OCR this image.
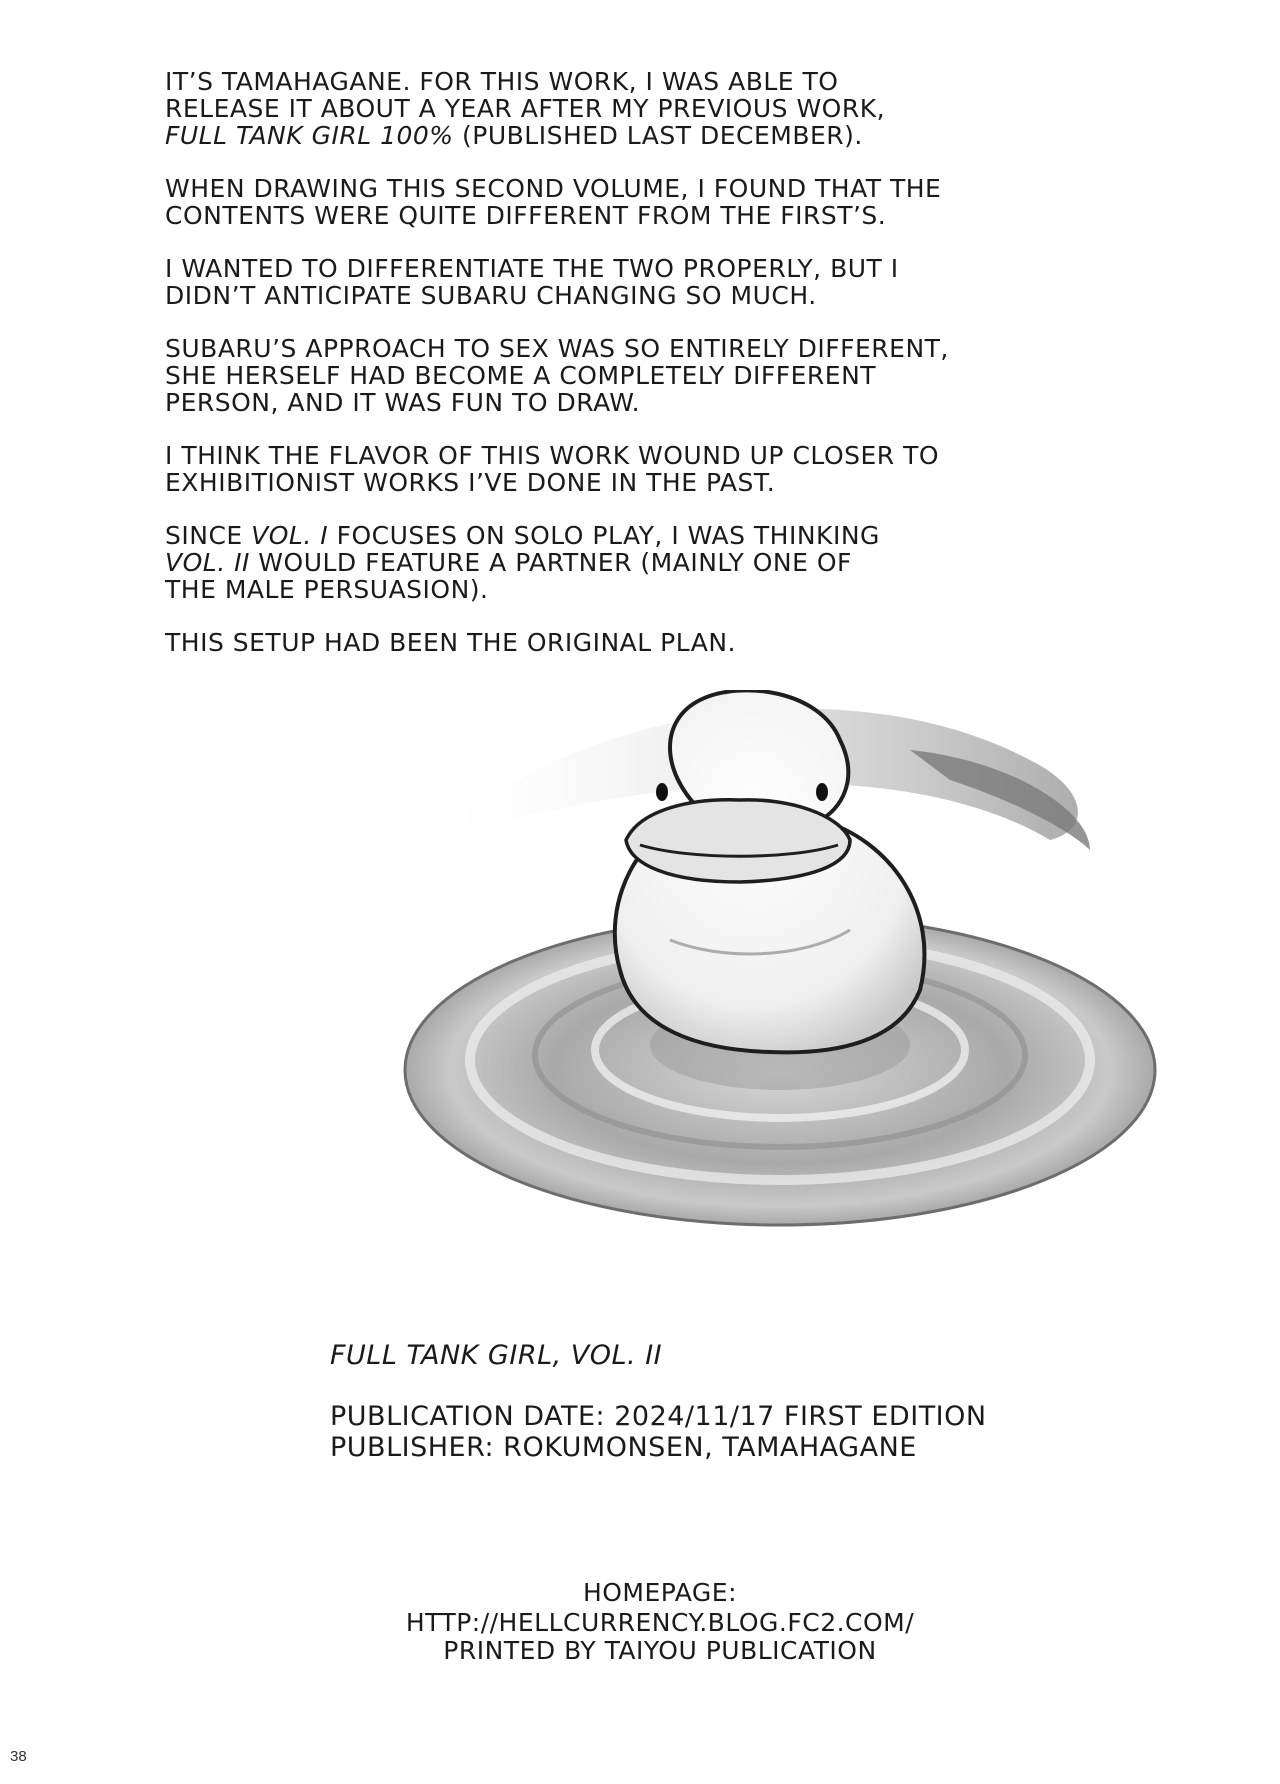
IT’S TAMAHAGANE. FOR THIS WORK, I WAS ABLE TO
RELEASE IT ABOUT A YEAR AFTER MY PREVIOUS WORK,
FULL TANK GIRL 100% (PUBLISHED LAST DECEMBER).
WHEN DRAWING THIS SECOND VOLUME, I FOUND THAT THE
CONTENTS WERE QUITE DIFFERENT FROM THE FIRST’S.
I WANTED TO DIFFERENTIATE THE TWO PROPERLY, BUT I
DIDN’T ANTICIPATE SUBARU CHANGING SO MUCH.
SUBARU’S APPROACH TO SEX WAS SO ENTIRELY DIFFERENT,
SHE HERSELF HAD BECOME A COMPLETELY DIFFERENT
PERSON, AND IT WAS FUN TO DRAW.
I THINK THE FLAVOR OF THIS WORK WOUND UP CLOSER TO
EXHIBITIONIST WORKS I’VE DONE IN THE PAST.
SINCE VOL. I FOCUSES ON SOLO PLAY, I WAS THINKING
VOL. II WOULD FEATURE A PARTNER (MAINLY ONE OF
THE MALE PERSUASION).
THIS SETUP HAD BEEN THE ORIGINAL PLAN.
FULL TANK GIRL, VOL. II
PUBLICATION DATE: 2024/11/17 FIRST EDITION
PUBLISHER: ROKUMONSEN, TAMAHAGANE
HOMEPAGE: HTTP://HELLCURRENCY.BLOG.FC2.COM/
PRINTED BY TAIYOU PUBLICATION
38
